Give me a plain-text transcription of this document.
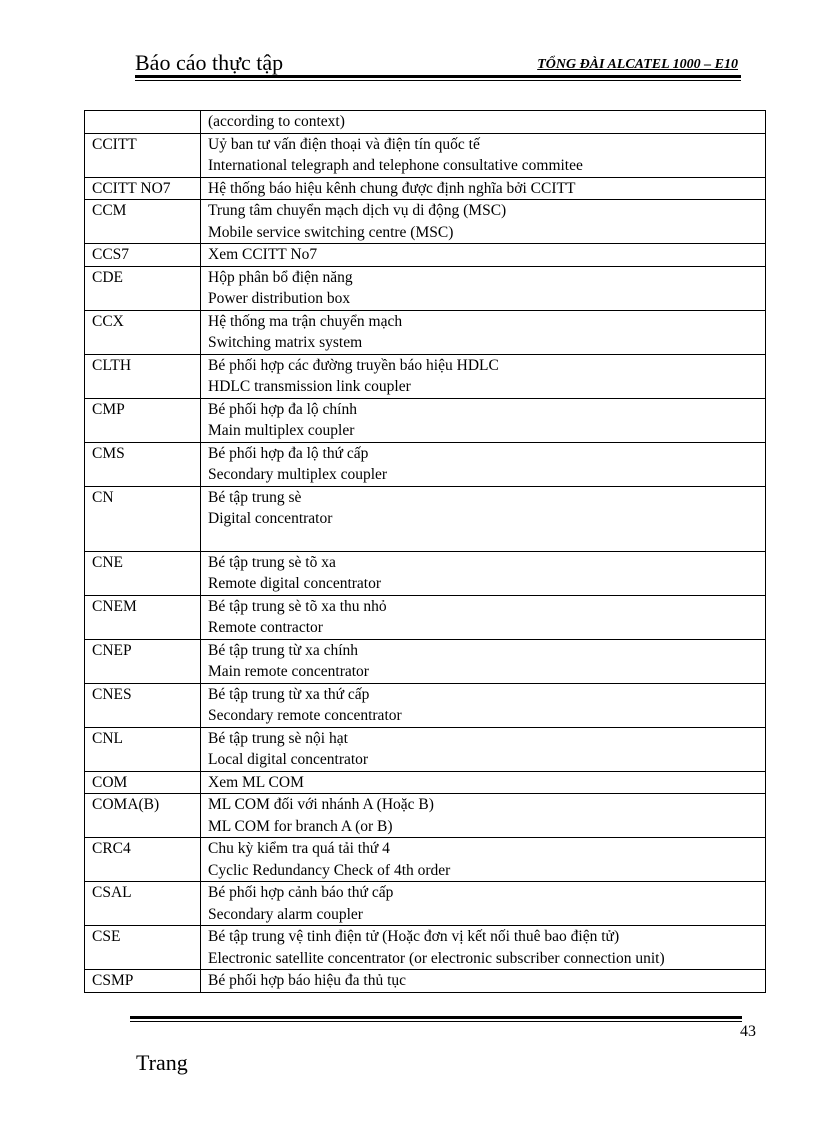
Báo cáo thực tập	TỔNG ĐÀI ALCATEL 1000 – E10

	(according to context)

CCITT	Uỷ ban tư vấn điện thoại và điện tín quốc tế
International telegraph and telephone consultative commitee

CCITT NO7	Hệ thống báo hiệu kênh chung được định nghĩa bởi CCITT

CCM	Trung tâm chuyển mạch dịch vụ di động (MSC)
Mobile service switching centre (MSC)

CCS7	Xem CCITT No7

CDE	Hộp phân bổ điện năng
Power distribution box

CCX	Hệ thống ma trận chuyển mạch
Switching matrix system

CLTH	Bé phối hợp các đường truyền báo hiệu HDLC
HDLC transmission link coupler

CMP	Bé phối hợp đa lộ chính
Main multiplex coupler

CMS	Bé phối hợp đa lộ thứ cấp
Secondary multiplex coupler

CN	Bé tập trung sè
Digital concentrator

CNE	Bé tập trung sè tõ xa
Remote digital concentrator

CNEM	Bé tập trung sè tõ xa thu nhỏ
Remote contractor

CNEP	Bé tập trung từ xa chính
Main remote concentrator

CNES	Bé tập trung từ xa thứ cấp
Secondary remote concentrator

CNL	Bé tập trung sè nội hạt
Local digital concentrator

COM	Xem ML COM

COMA(B)	ML COM đối với nhánh A (Hoặc B)
ML COM for branch A (or B)

CRC4	Chu kỳ kiểm tra quá tải thứ 4
Cyclic Redundancy Check of 4th order

CSAL	Bé phối hợp cảnh báo thứ cấp
Secondary alarm coupler

CSE	Bé tập trung vệ tinh điện tử (Hoặc đơn vị kết nối thuê bao điện tử)
Electronic satellite concentrator (or electronic subscriber connection unit)

CSMP	Bé phối hợp báo hiệu đa thủ tục
43
Trang
